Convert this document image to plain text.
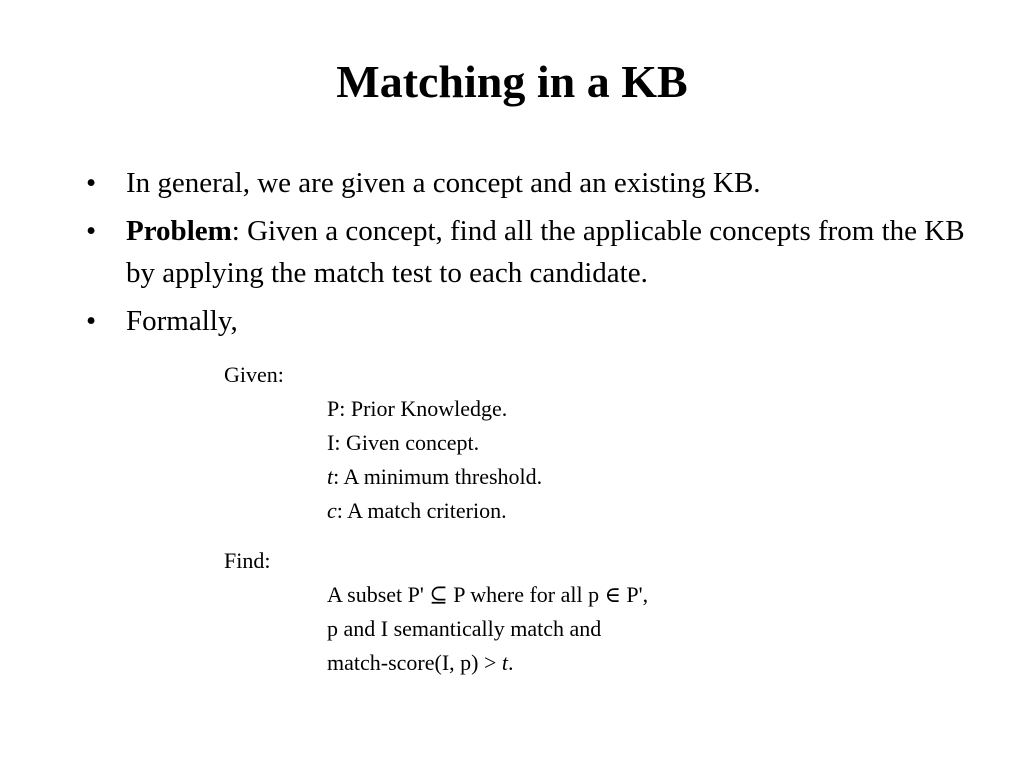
Matching in a KB
• In general, we are given a concept and an existing KB.
• Problem: Given a concept, find all the applicable concepts from the KB by applying the match test to each candidate.
• Formally,
Given:
P: Prior Knowledge.
I: Given concept.
t: A minimum threshold.
c: A match criterion.
Find:
A subset P' ⊆ P where for all p ∈ P',
p and I semantically match and
match-score(I, p) > t.
